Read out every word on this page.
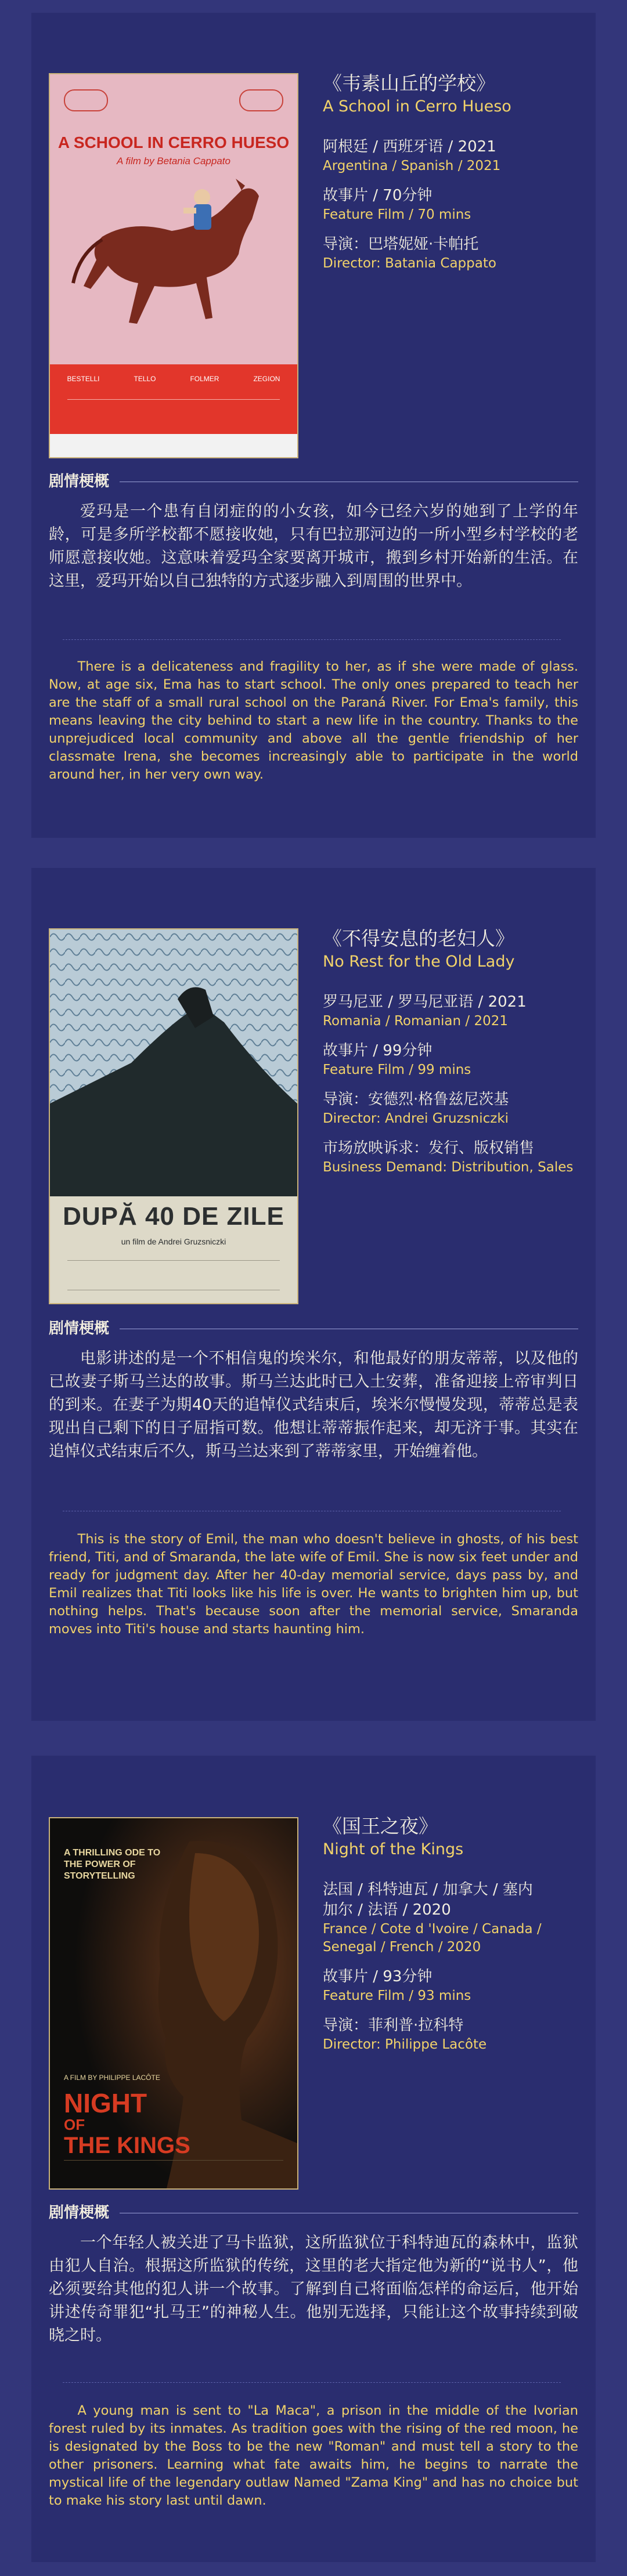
A SCHOOL IN CERRO HUESO
A film by Betania Cappato
BESTELLI	TELLO	FOLMER	ZEGION

《韦素山丘的学校》

A School in Cerro Hueso

阿根廷 / 西班牙语 / 2021

Argentina / Spanish / 2021

故事片 / 70分钟

Feature Film / 70 mins

导演：巴塔妮娅·卡帕托

Director: Batania Cappato

剧情梗概

爱玛是一个患有自闭症的的小女孩，如今已经六岁的她到了上学的年龄，可是多所学校都不愿接收她，只有巴拉那河边的一所小型乡村学校的老师愿意接收她。这意味着爱玛全家要离开城市，搬到乡村开始新的生活。在这里，爱玛开始以自己独特的方式逐步融入到周围的世界中。

There is a delicateness and fragility to her, as if she were made of glass. Now, at age six, Ema has to start school. The only ones prepared to teach her are the staff of a small rural school on the Paraná River. For Ema's family, this means leaving the city behind to start a new life in the country. Thanks to the unprejudiced local community and above all the gentle friendship of her classmate Irena, she becomes increasingly able to participate in the world around her, in her very own way.

DUPĂ 40 DE ZILE
un film de Andrei Gruzsniczki

《不得安息的老妇人》

No Rest for the Old Lady

罗马尼亚 / 罗马尼亚语 / 2021

Romania / Romanian / 2021

故事片 / 99分钟

Feature Film / 99 mins

导演：安德烈·格鲁兹尼茨基

Director: Andrei Gruzsniczki

市场放映诉求：发行、版权销售

Business Demand: Distribution, Sales

剧情梗概

电影讲述的是一个不相信鬼的埃米尔，和他最好的朋友蒂蒂，以及他的已故妻子斯马兰达的故事。斯马兰达此时已入土安葬，准备迎接上帝审判日的到来。在妻子为期40天的追悼仪式结束后，埃米尔慢慢发现，蒂蒂总是表现出自己剩下的日子屈指可数。他想让蒂蒂振作起来，却无济于事。其实在追悼仪式结束后不久，斯马兰达来到了蒂蒂家里，开始缠着他。

This is the story of Emil, the man who doesn't believe in ghosts, of his best friend, Titi, and of Smaranda, the late wife of Emil. She is now six feet under and ready for judgment day. After her 40-day memorial service, days pass by, and Emil realizes that Titi looks like his life is over. He wants to brighten him up, but nothing helps. That's because soon after the memorial service, Smaranda moves into Titi's house and starts haunting him.

A THRILLING ODE TO THE POWER OF STORYTELLING
NIGHT
OF
THE KINGS
A FILM BY PHILIPPE LACÔTE

《国王之夜》

Night of the Kings

法国 / 科特迪瓦 / 加拿大 / 塞内加尔 / 法语 / 2020

France / Cote d 'Ivoire / Canada / Senegal / French / 2020

故事片 / 93分钟

Feature Film / 93 mins

导演：菲利普·拉科特

Director: Philippe Lacôte

剧情梗概

一个年轻人被关进了马卡监狱，这所监狱位于科特迪瓦的森林中，监狱由犯人自治。根据这所监狱的传统，这里的老大指定他为新的“说书人”，他必须要给其他的犯人讲一个故事。了解到自己将面临怎样的命运后，他开始讲述传奇罪犯“扎马王”的神秘人生。他别无选择，只能让这个故事持续到破晓之时。

A young man is sent to "La Maca", a prison in the middle of the Ivorian forest ruled by its inmates. As tradition goes with the rising of the red moon, he is designated by the Boss to be the new "Roman" and must tell a story to the other prisoners. Learning what fate awaits him, he begins to narrate the mystical life of the legendary outlaw Named "Zama King" and has no choice but to make his story last until dawn.
